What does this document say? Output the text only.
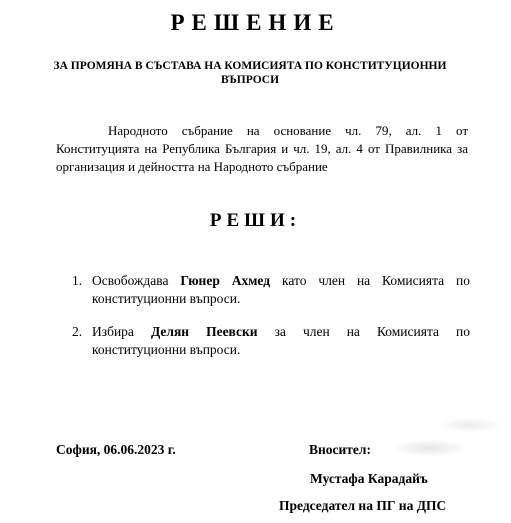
РЕШЕНИЕ
ЗА ПРОМЯНА В СЪСТАВА НА КОМИСИЯТА ПО КОНСТИТУЦИОННИ ВЪПРОСИ
Народното събрание на основание чл. 79, ал. 1 от Конституцията на Република България и чл. 19, ал. 4 от Правилника за организация и дейността на Народното събрание
РЕШИ:
1. Освобождава Гюнер Ахмед като член на Комисията по конституционни въпроси.
2. Избира Делян Пеевски за член на Комисията по конституционни въпроси.
София, 06.06.2023 г.	Вносител:
Мустафа Карадайъ
Председател на ПГ на ДПС
